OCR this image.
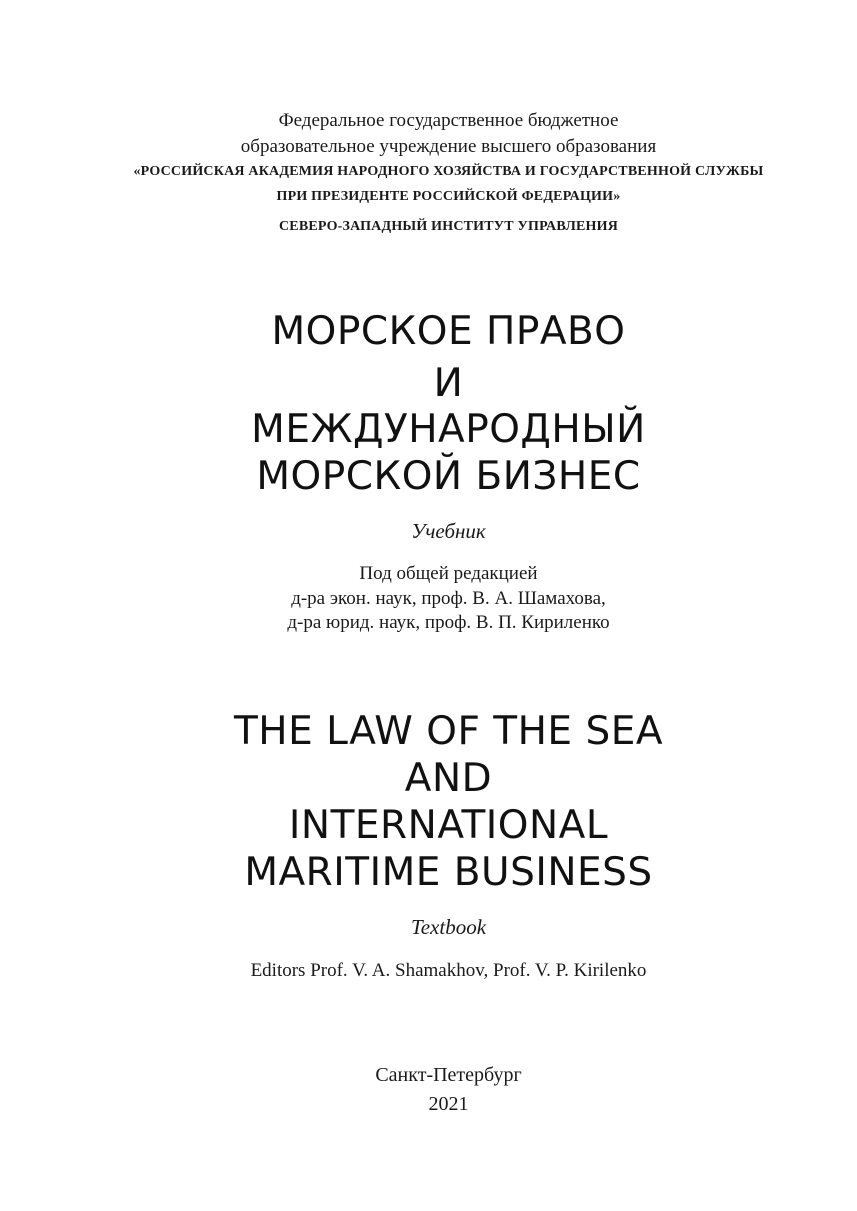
Федеральное государственное бюджетное
образовательное учреждение высшего образования
«РОССИЙСКАЯ АКАДЕМИЯ НАРОДНОГО ХОЗЯЙСТВА И ГОСУДАРСТВЕННОЙ СЛУЖБЫ
ПРИ ПРЕЗИДЕНТЕ РОССИЙСКОЙ ФЕДЕРАЦИИ»
СЕВЕРО-ЗАПАДНЫЙ ИНСТИТУТ УПРАВЛЕНИЯ
МОРСКОЕ ПРАВО
И
МЕЖДУНАРОДНЫЙ
МОРСКОЙ БИЗНЕС
Учебник
Под общей редакцией
д-ра экон. наук, проф. В. А. Шамахова,
д-ра юрид. наук, проф. В. П. Кириленко
THE LAW OF THE SEA
AND
INTERNATIONAL
MARITIME BUSINESS
Textbook
Editors Prof. V. A. Shamakhov, Prof. V. P. Kirilenko
Санкт-Петербург
2021
